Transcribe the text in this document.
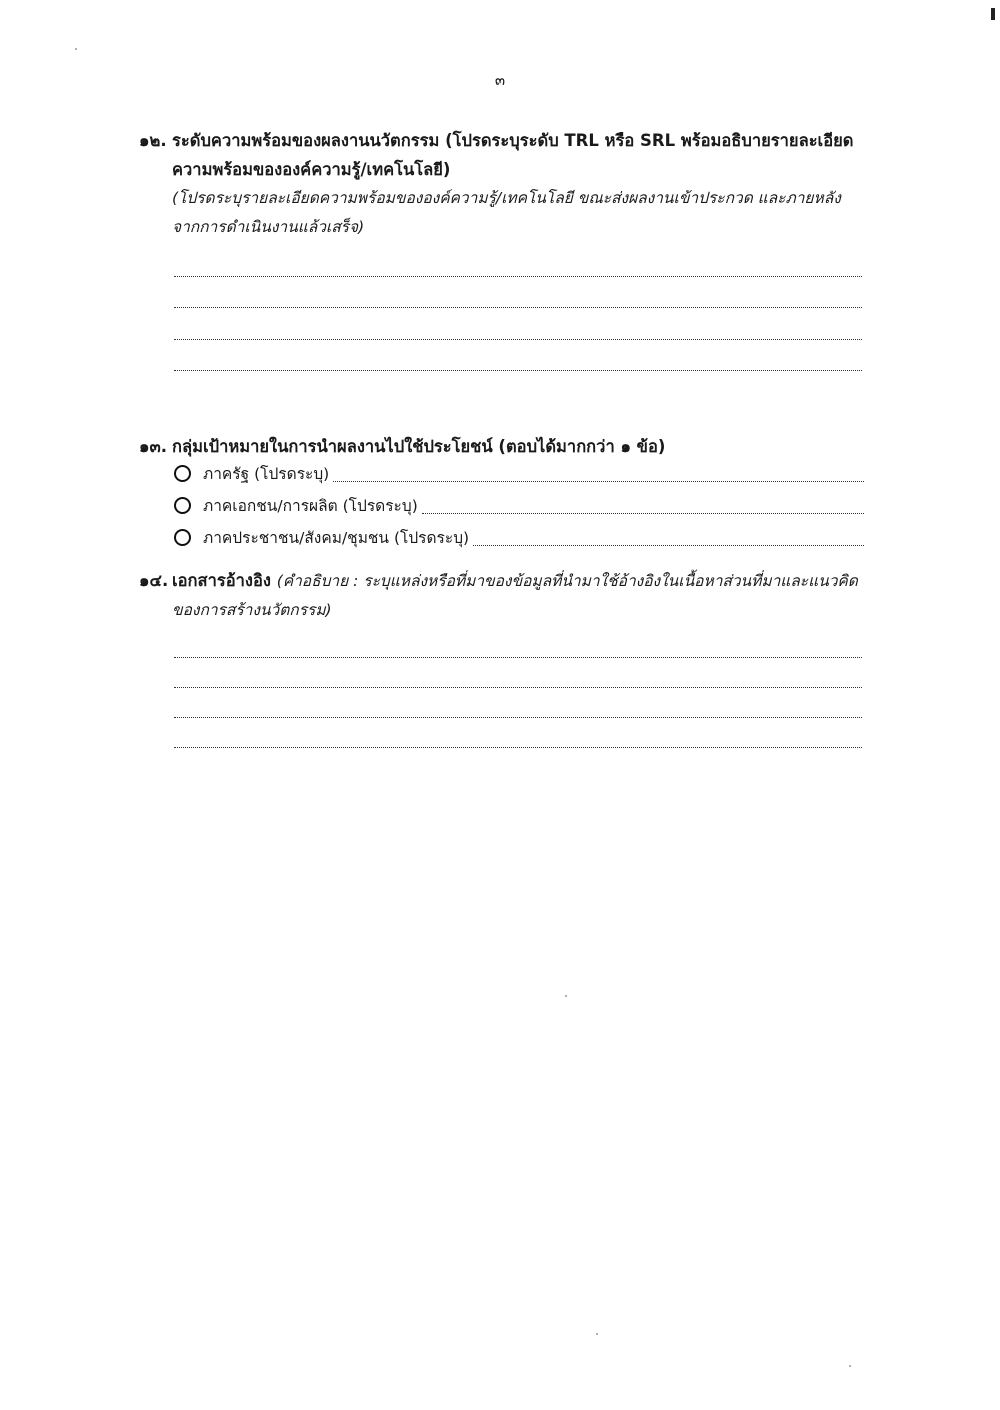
๓
๑๒. ระดับความพร้อมของผลงานนวัตกรรม (โปรดระบุระดับ TRL หรือ SRL พร้อมอธิบายรายละเอียด
ความพร้อมขององค์ความรู้/เทคโนโลยี)
(โปรดระบุรายละเอียดความพร้อมขององค์ความรู้/เทคโนโลยี ขณะส่งผลงานเข้าประกวด และภายหลัง
จากการดำเนินงานแล้วเสร็จ)
๑๓. กลุ่มเป้าหมายในการนำผลงานไปใช้ประโยชน์ (ตอบได้มากกว่า ๑ ข้อ)
ภาครัฐ (โปรดระบุ)
ภาคเอกชน/การผลิต (โปรดระบุ)
ภาคประชาชน/สังคม/ชุมชน (โปรดระบุ)
๑๔. เอกสารอ้างอิง (คำอธิบาย : ระบุแหล่งหรือที่มาของข้อมูลที่นำมาใช้อ้างอิงในเนื้อหาส่วนที่มาและแนวคิด
ของการสร้างนวัตกรรม)
